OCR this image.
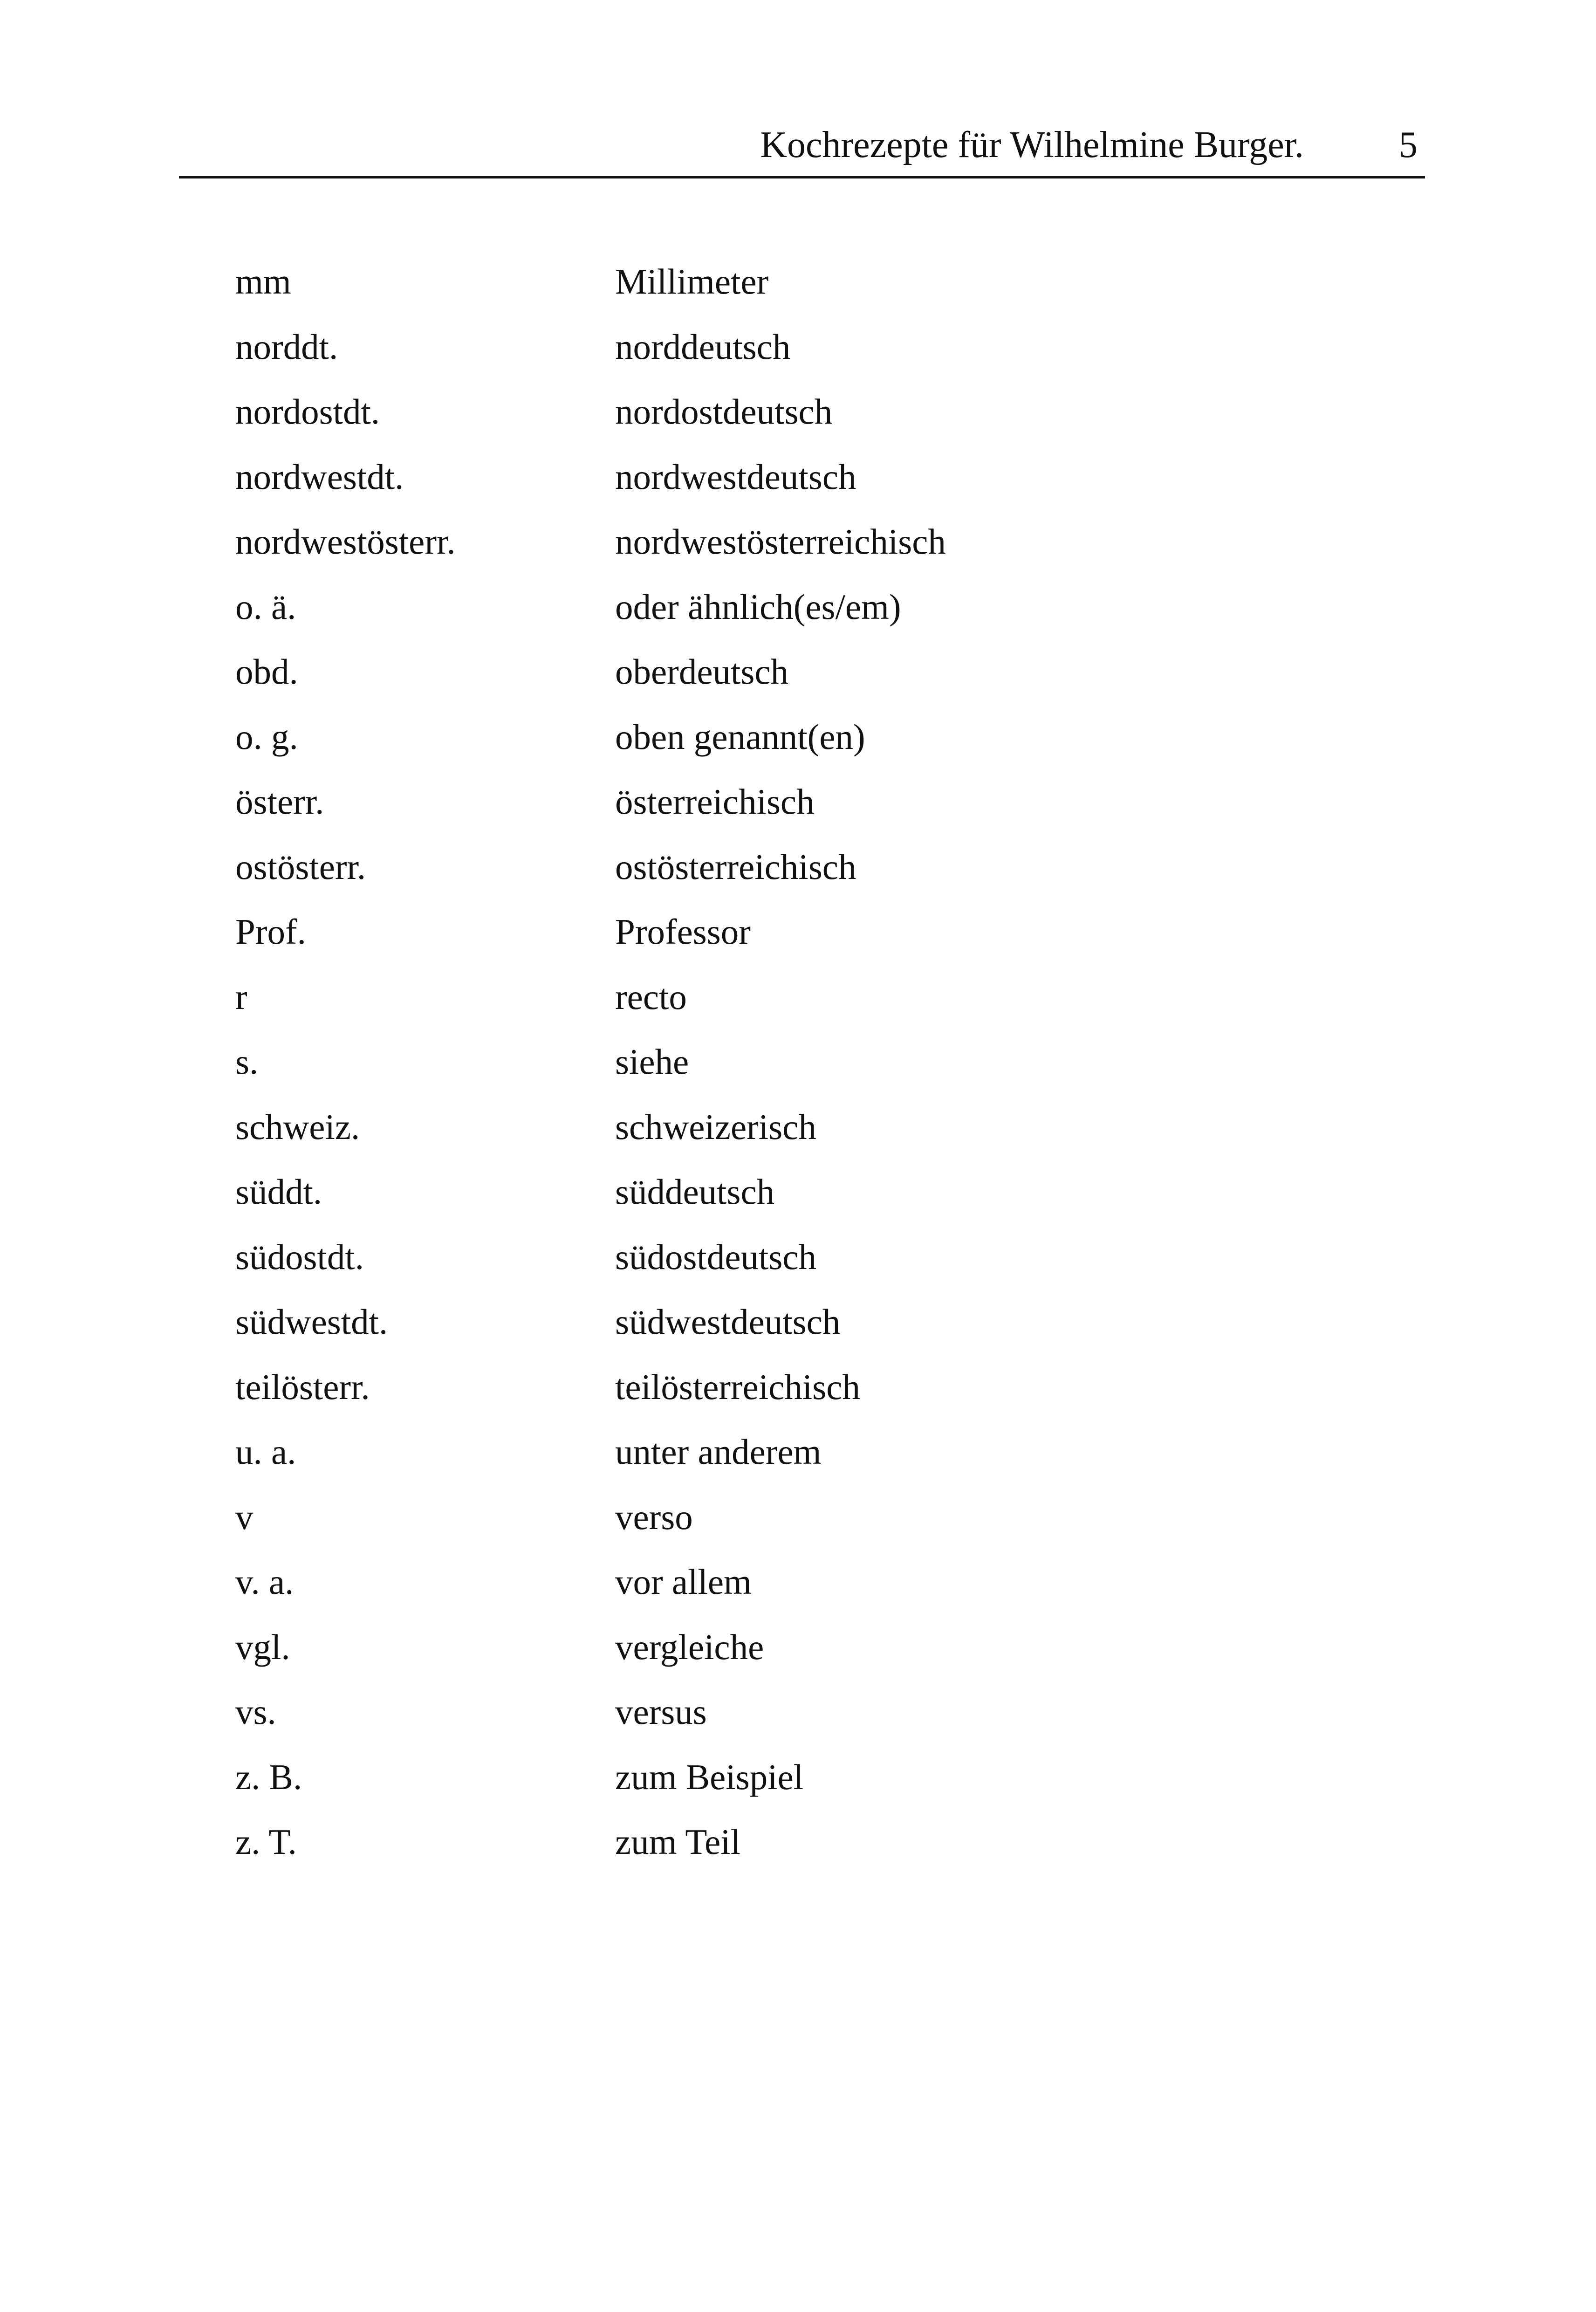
Kochrezepte für Wilhelmine Burger.	5
mm	Millimeter
norddt.	norddeutsch
nordostdt.	nordostdeutsch
nordwestdt.	nordwestdeutsch
nordwestösterr.	nordwestösterreichisch
o. ä.	oder ähnlich(es/em)
obd.	oberdeutsch
o. g.	oben genannt(en)
österr.	österreichisch
ostösterr.	ostösterreichisch
Prof.	Professor
r	recto
s.	siehe
schweiz.	schweizerisch
süddt.	süddeutsch
südostdt.	südostdeutsch
südwestdt.	südwestdeutsch
teilösterr.	teilösterreichisch
u. a.	unter anderem
v	verso
v. a.	vor allem
vgl.	vergleiche
vs.	versus
z. B.	zum Beispiel
z. T.	zum Teil
